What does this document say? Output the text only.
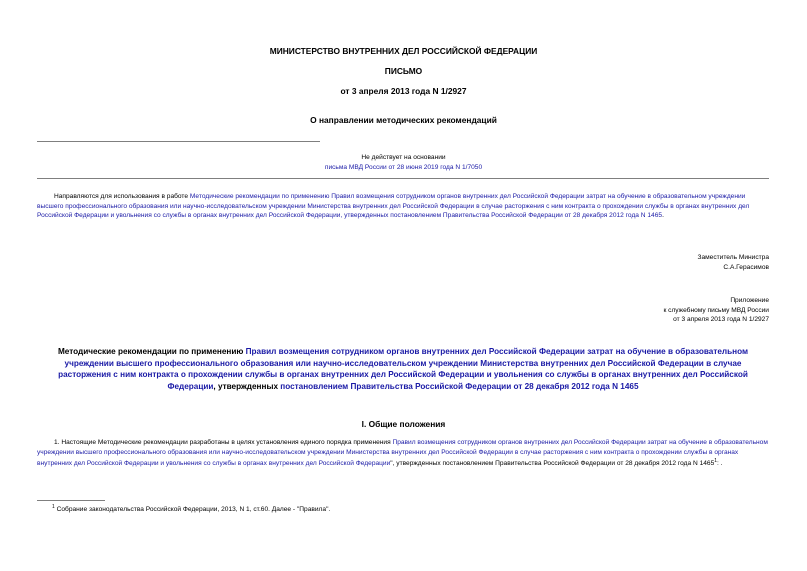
МИНИСТЕРСТВО ВНУТРЕННИХ ДЕЛ РОССИЙСКОЙ ФЕДЕРАЦИИ
ПИСЬМО
от 3 апреля 2013 года N 1/2927
О направлении методических рекомендаций
Не действует на основании
письма МВД России от 28 июня 2019 года N 1/7050
Направляются для использования в работе Методические рекомендации по применению Правил возмещения сотрудником органов внутренних дел Российской Федерации затрат на обучение в образовательном учреждении высшего профессионального образования или научно-исследовательском учреждении Министерства внутренних дел Российской Федерации в случае расторжения с ним контракта о прохождении службы в органах внутренних дел Российской Федерации и увольнения со службы в органах внутренних дел Российской Федерации, утвержденных постановлением Правительства Российской Федерации от 28 декабря 2012 года N 1465.

Заместитель Министра

С.А.Герасимов

Приложение

к служебному письму МВД России

от 3 апреля 2013 года N 1/2927

Методические рекомендации по применению Правил возмещения сотрудником органов внутренних дел Российской Федерации затрат на обучение в образовательном учреждении высшего профессионального образования или научно-исследовательском учреждении Министерства внутренних дел Российской Федерации в случае расторжения с ним контракта о прохождении службы в органах внутренних дел Российской Федерации и увольнения со службы в органах внутренних дел Российской Федерации, утвержденных постановлением Правительства Российской Федерации от 28 декабря 2012 года N 1465
I. Общие положения
1. Настоящие Методические рекомендации разработаны в целях установления единого порядка применения Правил возмещения сотрудником органов внутренних дел Российской Федерации затрат на обучение в образовательном учреждении высшего профессионального образования или научно-исследовательском учреждении Министерства внутренних дел Российской Федерации в случае расторжения с ним контракта о прохождении службы в органах внутренних дел Российской Федерации и увольнения со службы в органах внутренних дел Российской Федерации", утвержденных постановлением Правительства Российской Федерации от 28 декабря 2012 года N 1465$^1$: .
$^1$ Собрание законодательства Российской Федерации, 2013, N 1, ст.60. Далее - "Правила".
